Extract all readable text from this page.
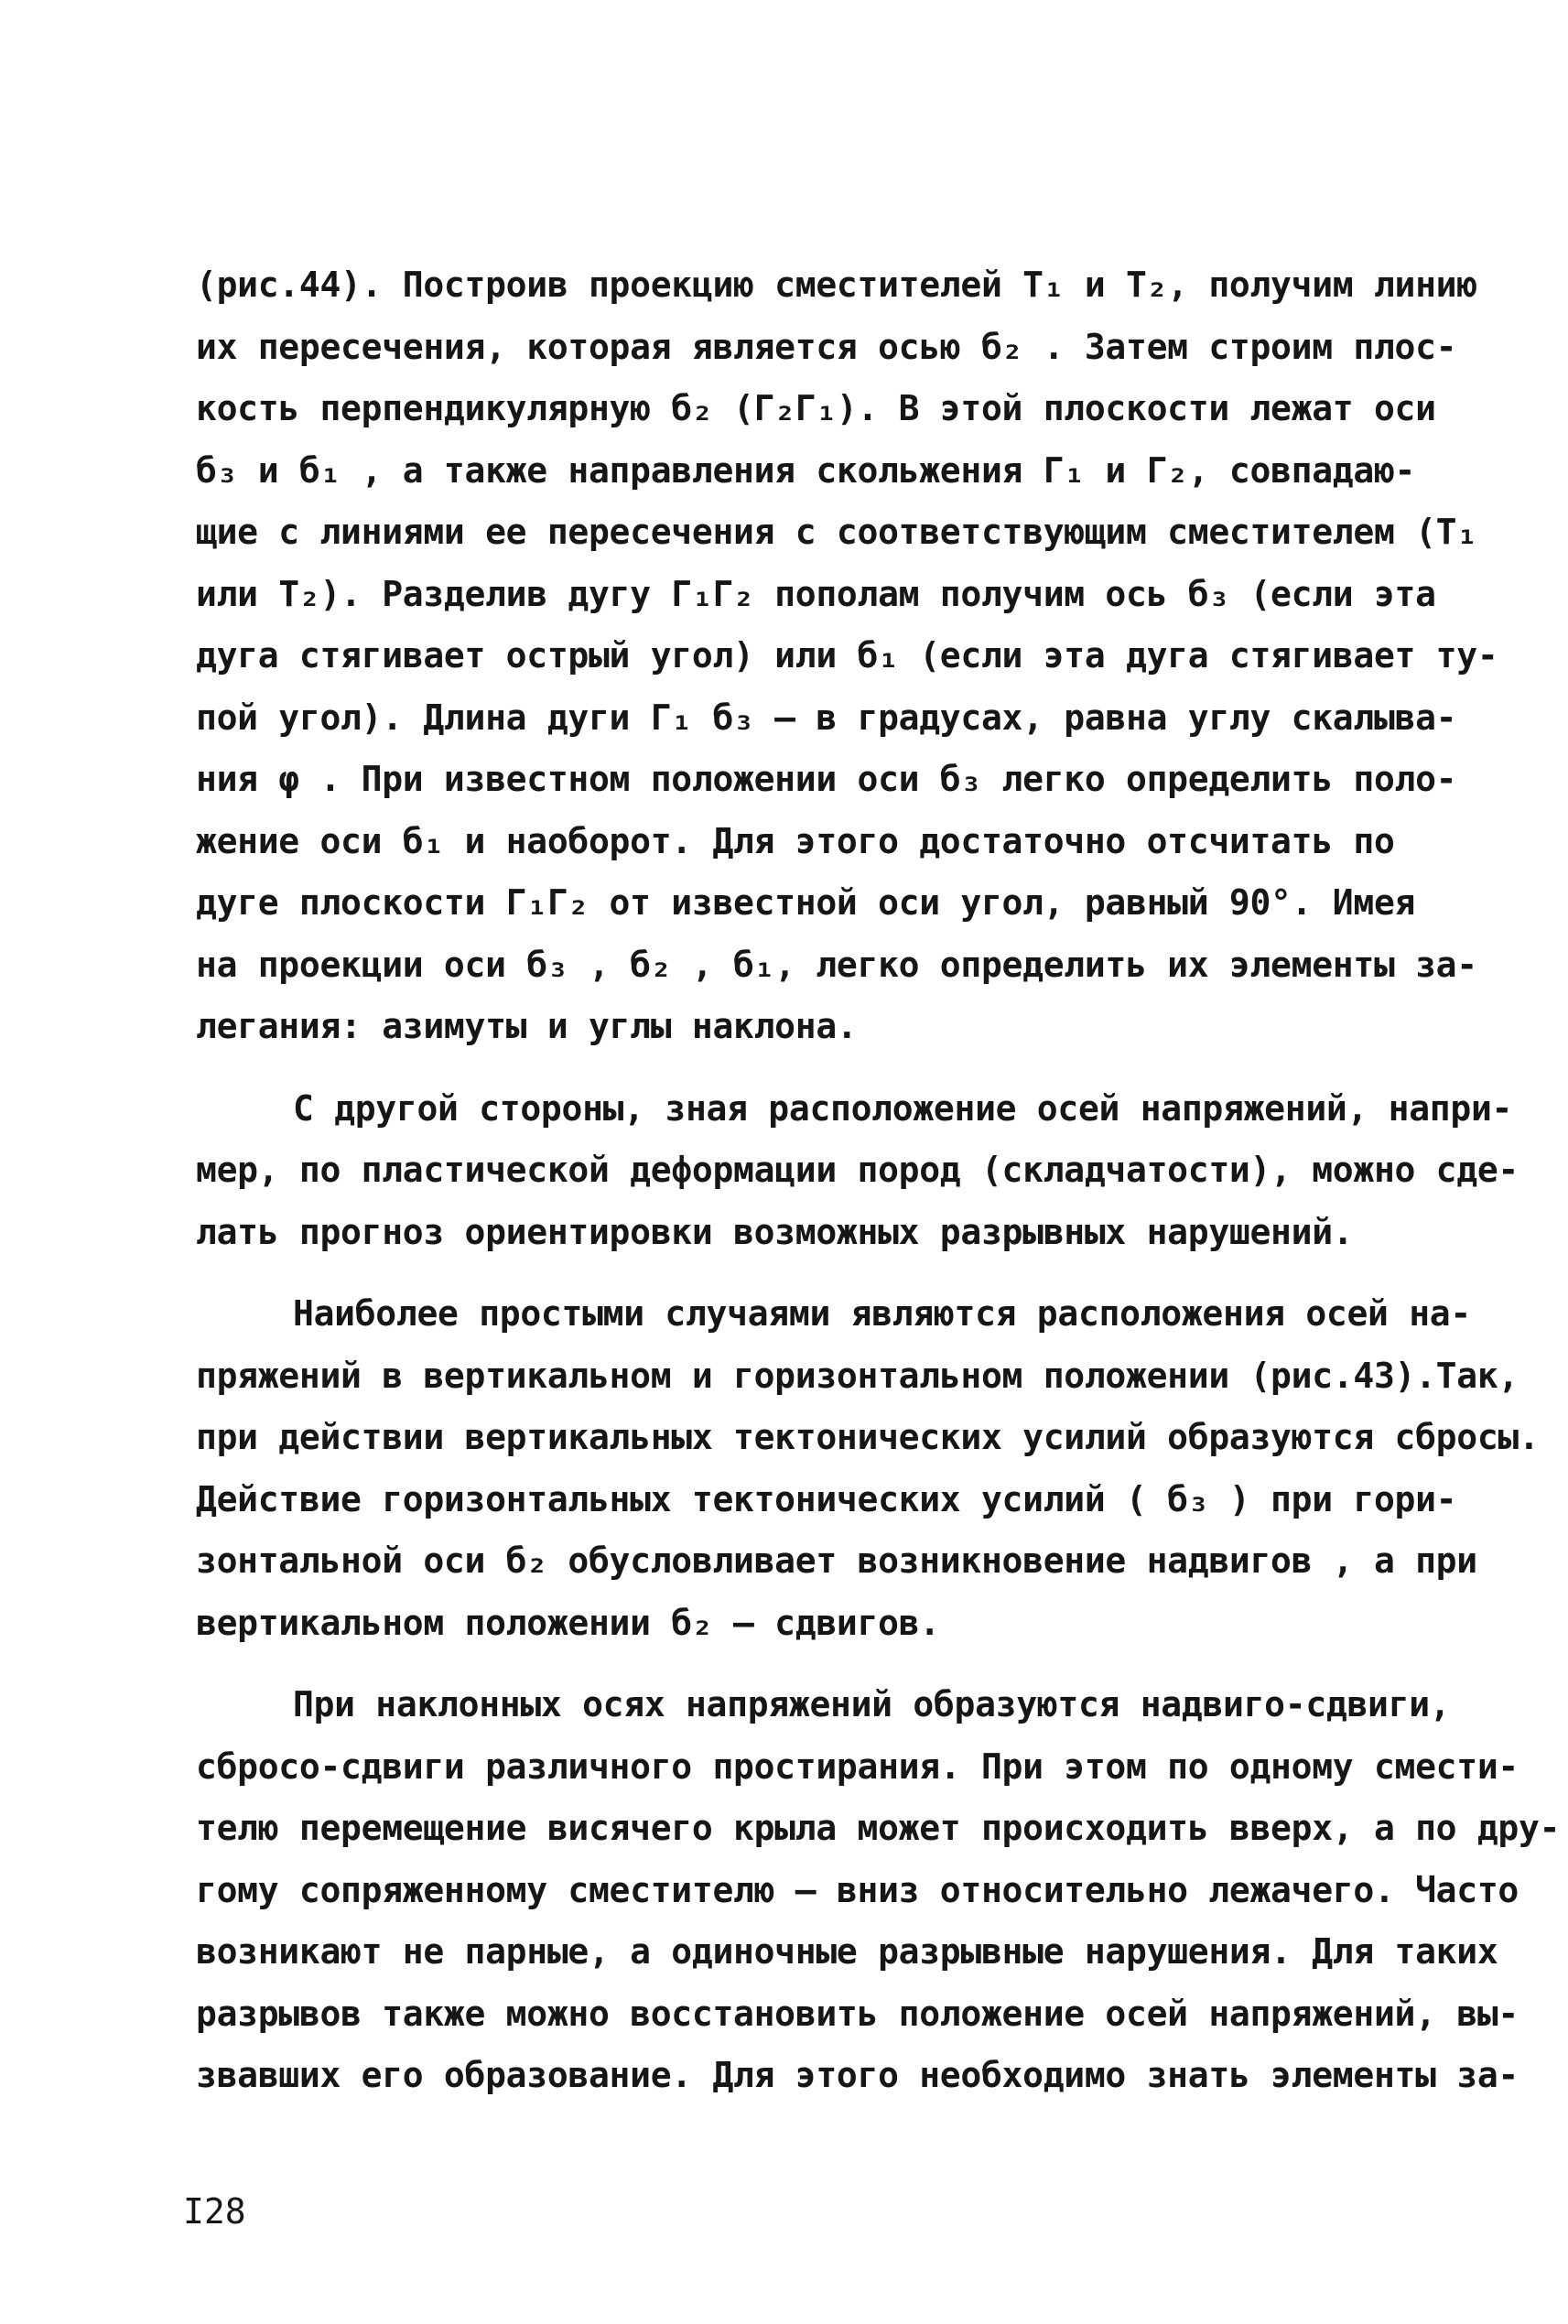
(рис.44). Построив проекцию сместителей Т₁ и Т₂, получим линию
их пересечения, которая является осью б₂ . Затем строим плос-
кость перпендикулярную б₂ (Г₂Г₁). В этой плоскости лежат оси
б₃ и б₁ , а также направления скольжения Г₁ и Г₂, совпадаю-
щие с линиями ее пересечения с соответствующим сместителем (Т₁
или Т₂). Разделив дугу Г₁Г₂ пополам получим ось б₃ (если эта
дуга стягивает острый угол) или б₁ (если эта дуга стягивает ту-
пой угол). Длина дуги Г₁ б₃ – в градусах, равна углу скалыва-
ния φ . При известном положении оси б₃ легко определить поло-
жение оси б₁ и наоборот. Для этого достаточно отсчитать по
дуге плоскости Г₁Г₂ от известной оси угол, равный 90°. Имея
на проекции оси б₃ , б₂ , б₁, легко определить их элементы за-
легания: азимуты и углы наклона.
С другой стороны, зная расположение осей напряжений, напри-
мер, по пластической деформации пород (складчатости), можно сде-
лать прогноз ориентировки возможных разрывных нарушений.
Наиболее простыми случаями являются расположения осей на-
пряжений в вертикальном и горизонтальном положении (рис.43).Так,
при действии вертикальных тектонических усилий образуются сбросы.
Действие горизонтальных тектонических усилий ( б₃ ) при гори-
зонтальной оси б₂ обусловливает возникновение надвигов , а при
вертикальном положении б₂ – сдвигов.
При наклонных осях напряжений образуются надвиго-сдвиги,
сбросо-сдвиги различного простирания. При этом по одному смести-
телю перемещение висячего крыла может происходить вверх, а по дру-
гому сопряженному сместителю – вниз относительно лежачего. Часто
возникают не парные, а одиночные разрывные нарушения. Для таких
разрывов также можно восстановить положение осей напряжений, вы-
звавших его образование. Для этого необходимо знать элементы за-
I28
